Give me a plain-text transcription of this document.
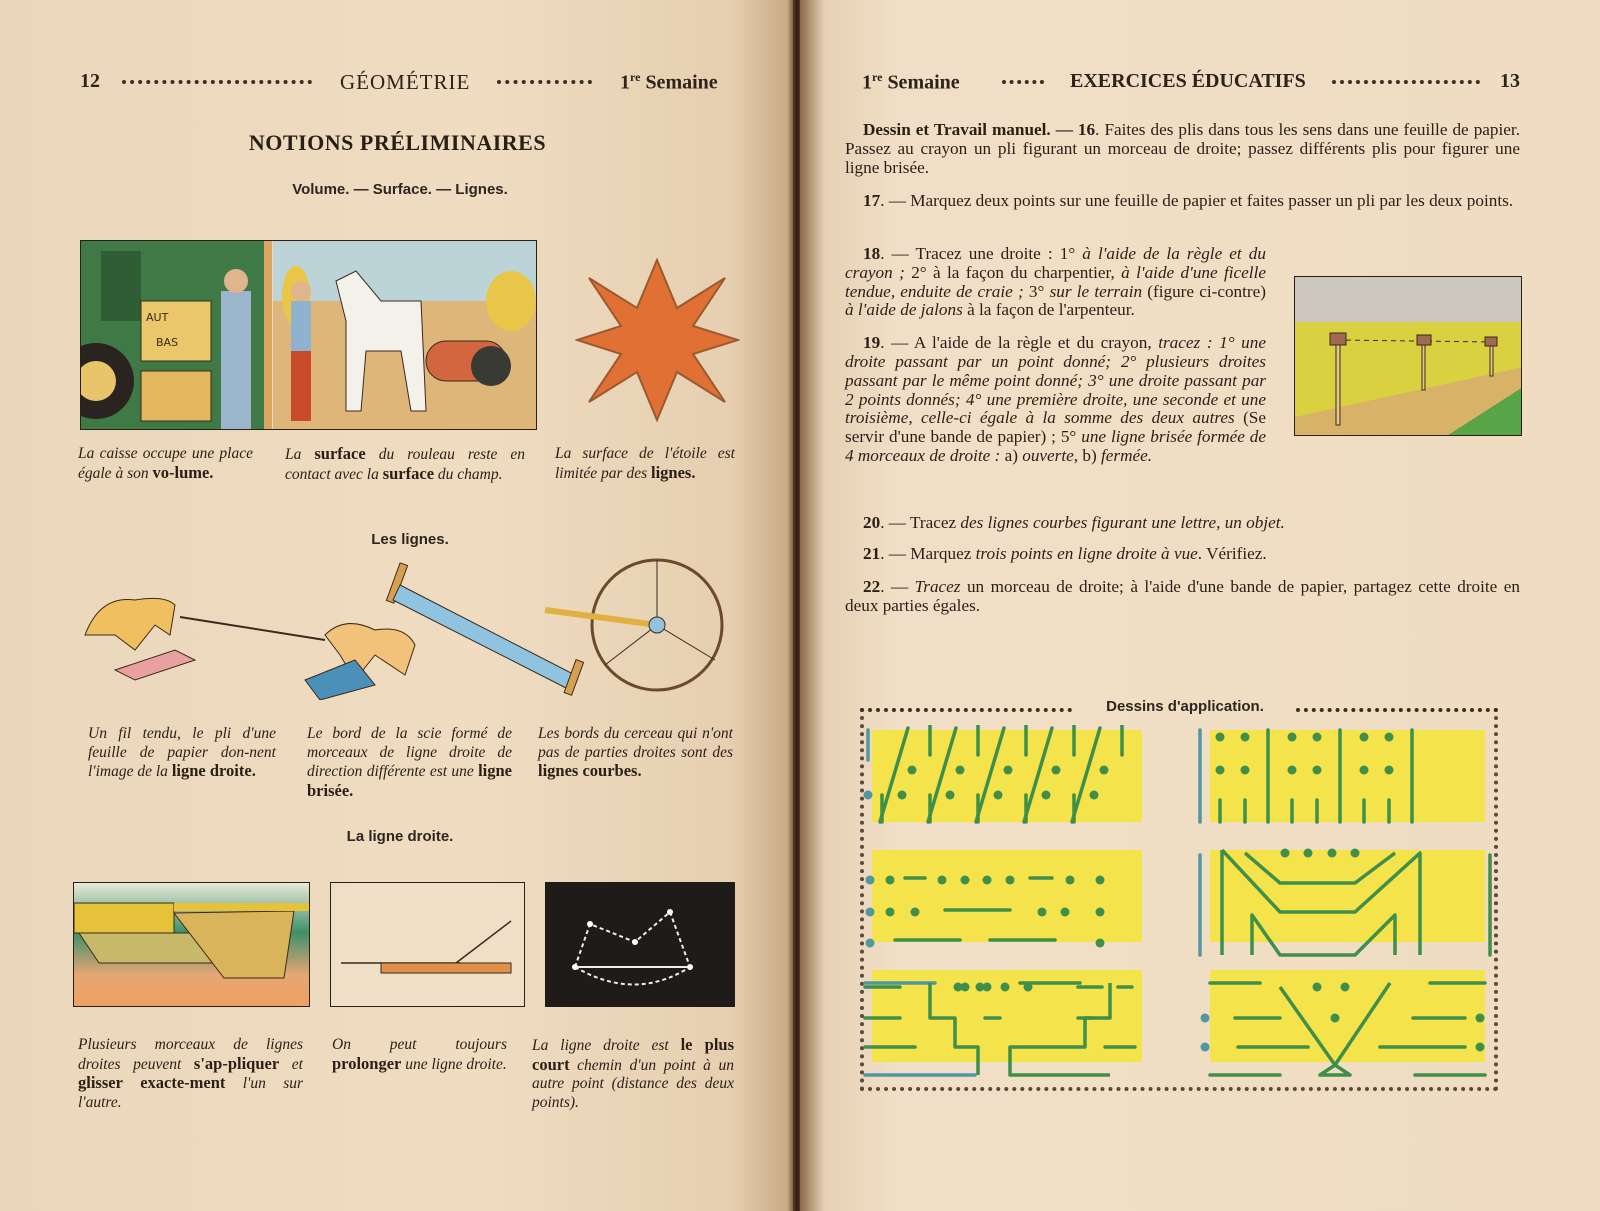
12	GÉOMÉTRIE	1re Semaine
NOTIONS PRÉLIMINAIRES
Volume. — Surface. — Lignes.
AUT
BAS
La caisse occupe une place égale à son vo-lume.
La surface du rouleau reste en contact avec la surface du champ.
La surface de l'étoile est limitée par des lignes.
Les lignes.
Un fil tendu, le pli d'une feuille de papier don-nent l'image de la ligne droite.
Le bord de la scie formé de morceaux de ligne droite de direction différente est une ligne brisée.
Les bords du cerceau qui n'ont pas de parties droites sont des lignes courbes.
La ligne droite.
Plusieurs morceaux de lignes droites peuvent s'ap-pliquer et glisser exacte-ment l'un sur l'autre.
On peut toujours prolonger une ligne droite.
La ligne droite est le plus court chemin d'un point à un autre point (distance des deux points).
1re Semaine	EXERCICES ÉDUCATIFS	13
Dessin et Travail manuel. — 16. Faites des plis dans tous les sens dans une feuille de papier. Passez au crayon un pli figurant un morceau de droite; passez différents plis pour figurer une ligne brisée.
17. — Marquez deux points sur une feuille de papier et faites passer un pli par les deux points.
18. — Tracez une droite : 1° à l'aide de la règle et du crayon ; 2° à la façon du charpentier, à l'aide d'une ficelle tendue, enduite de craie ; 3° sur le terrain (figure ci-contre) à l'aide de jalons à la façon de l'arpenteur.
19. — A l'aide de la règle et du crayon, tracez : 1° une droite passant par un point donné; 2° plusieurs droites passant par le même point donné; 3° une droite passant par 2 points donnés; 4° une première droite, une seconde et une troisième, celle-ci égale à la somme des deux autres (Se servir d'une bande de papier) ; 5° une ligne brisée formée de 4 morceaux de droite : a) ouverte, b) fermée.
20. — Tracez des lignes courbes figurant une lettre, un objet.
21. — Marquez trois points en ligne droite à vue. Vérifiez.
22. — Tracez un morceau de droite; à l'aide d'une bande de papier, partagez cette droite en deux parties égales.
Dessins d'application.
